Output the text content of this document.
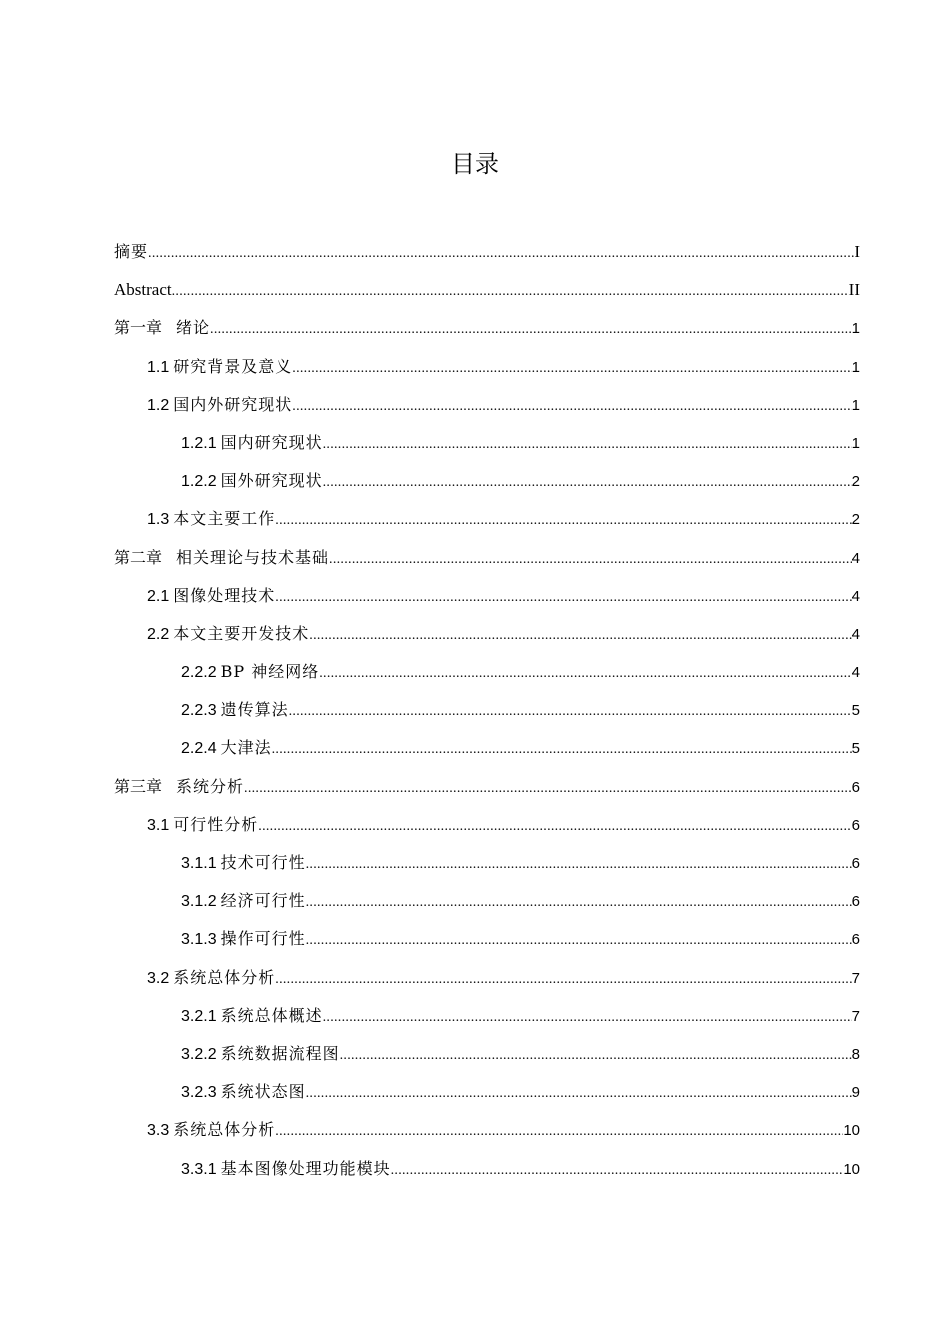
目录
摘要 .....	I
Abstract .....	II
第一章 绪论 .....	1
1.1 研究背景及意义 .....	1
1.2 国内外研究现状 .....	1
1.2.1 国内研究现状 .....	1
1.2.2 国外研究现状 .....	2
1.3 本文主要工作 .....	2
第二章 相关理论与技术基础 .....	4
2.1 图像处理技术 .....	4
2.2 本文主要开发技术 .....	4
2.2.2 BP 神经网络 .....	4
2.2.3 遗传算法 .....	5
2.2.4 大津法 .....	5
第三章 系统分析 .....	6
3.1 可行性分析 .....	6
3.1.1 技术可行性 .....	6
3.1.2 经济可行性 .....	6
3.1.3 操作可行性 .....	6
3.2 系统总体分析 .....	7
3.2.1 系统总体概述 .....	7
3.2.2 系统数据流程图 .....	8
3.2.3 系统状态图 .....	9
3.3 系统总体分析 .....	10
3.3.1 基本图像处理功能模块 .....	10
